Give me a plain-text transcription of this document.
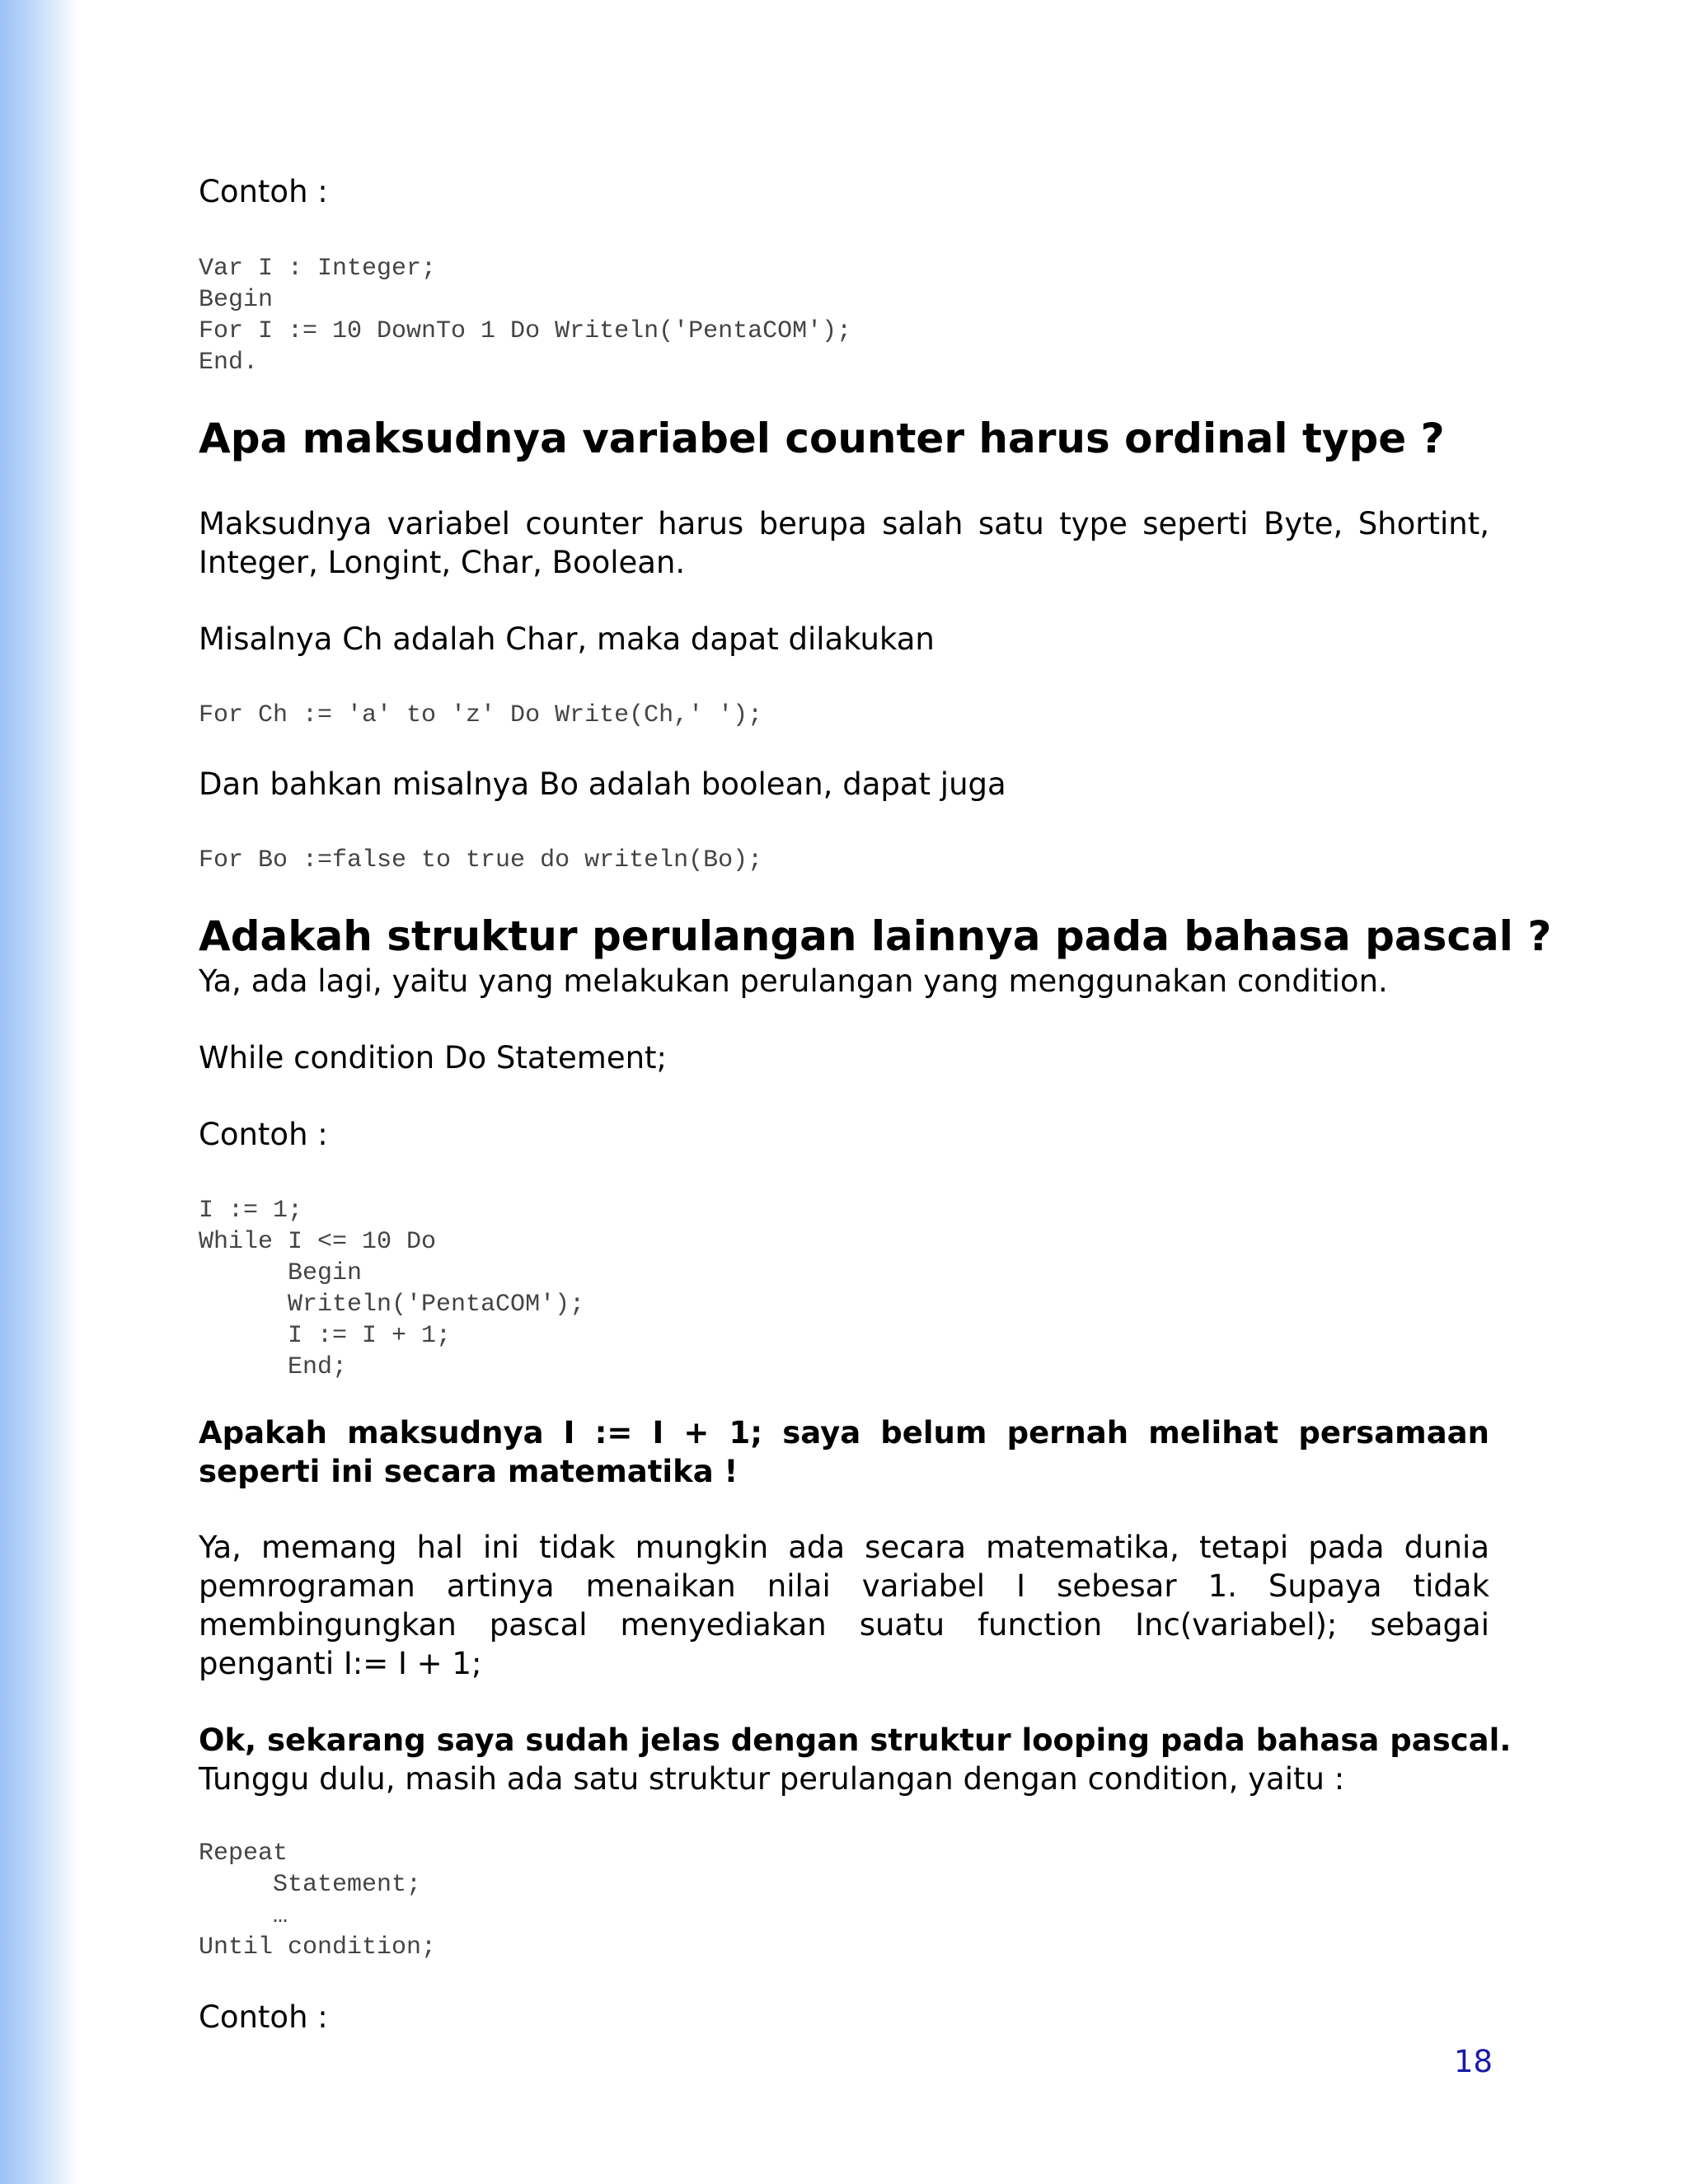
Contoh :

Var I : Integer;
Begin
For I := 10 DownTo 1 Do Writeln('PentaCOM');
End.
Apa maksudnya variabel counter harus ordinal type ?

Maksudnya variabel counter harus berupa salah satu type seperti Byte, Shortint, Integer, Longint, Char, Boolean.

Misalnya Ch adalah Char, maka dapat dilakukan

For Ch := 'a' to 'z' Do Write(Ch,' ');

Dan bahkan misalnya Bo adalah boolean, dapat juga

For Bo :=false to true do writeln(Bo);
Adakah struktur perulangan lainnya pada bahasa pascal ?

Ya, ada lagi, yaitu yang melakukan perulangan yang menggunakan condition.

While condition Do Statement;

Contoh :

I := 1;
While I <= 10 Do
Begin
Writeln('PentaCOM');
I := I + 1;
End;

Apakah maksudnya I := I + 1; saya belum pernah melihat persamaan seperti ini secara matematika !

Ya, memang hal ini tidak mungkin ada secara matematika, tetapi pada dunia pemrograman artinya menaikan nilai variabel I sebesar 1. Supaya tidak membingungkan pascal menyediakan suatu function Inc(variabel); sebagai penganti I:= I + 1;

Ok, sekarang saya sudah jelas dengan struktur looping pada bahasa pascal.

Tunggu dulu, masih ada satu struktur perulangan dengan condition, yaitu :

Repeat
Statement;
…
Until condition;

Contoh :

18
